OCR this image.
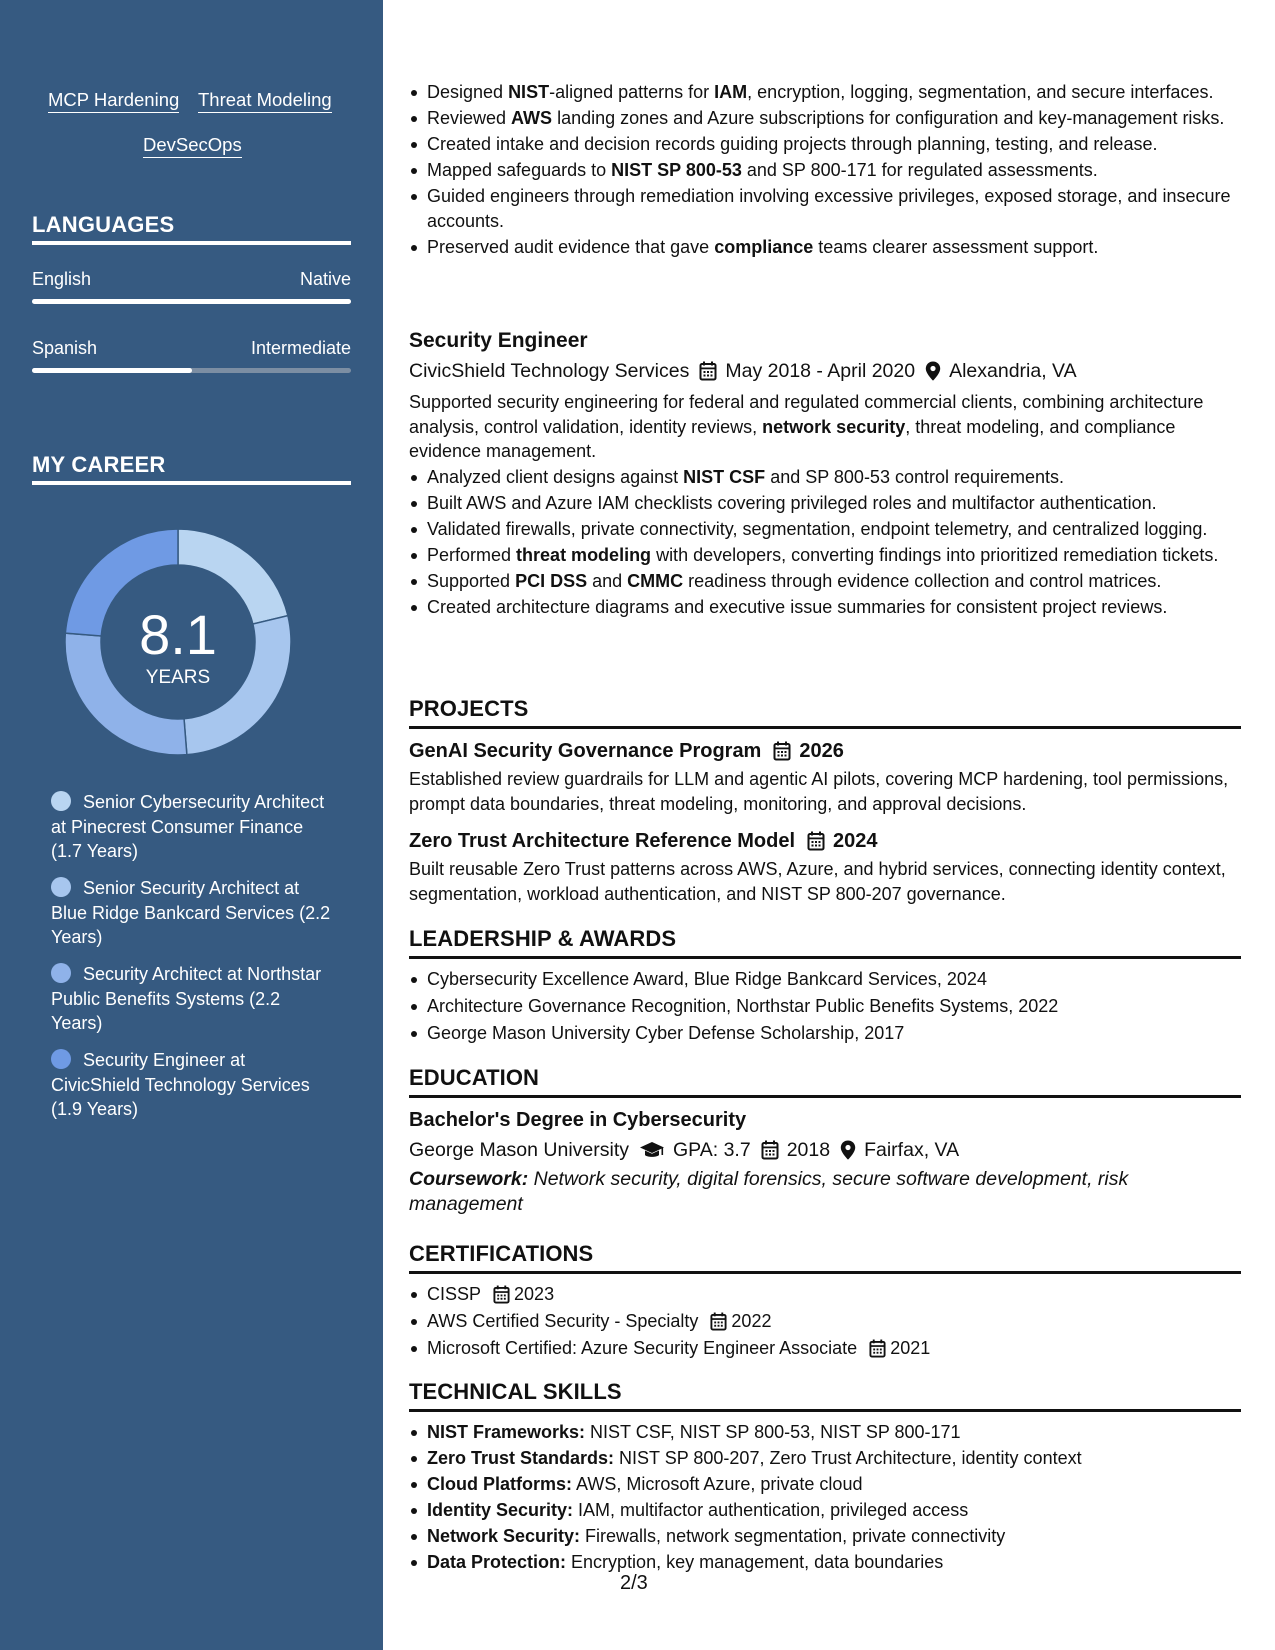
MCP Hardening Threat Modeling
DevSecOps
LANGUAGES
English	Native
Spanish	Intermediate
MY CAREER
8.1
YEARS
Senior Cybersecurity Architect at Pinecrest Consumer Finance (1.7 Years)
Senior Security Architect at Blue Ridge Bankcard Services (2.2 Years)
Security Architect at Northstar Public Benefits Systems (2.2 Years)
Security Engineer at CivicShield Technology Services (1.9 Years)
Designed NIST-aligned patterns for IAM, encryption, logging, segmentation, and secure interfaces.
Reviewed AWS landing zones and Azure subscriptions for configuration and key-management risks.
Created intake and decision records guiding projects through planning, testing, and release.
Mapped safeguards to NIST SP 800-53 and SP 800-171 for regulated assessments.
Guided engineers through remediation involving excessive privileges, exposed storage, and insecure accounts.
Preserved audit evidence that gave compliance teams clearer assessment support.
Security Engineer
CivicShield Technology Services May 2018 - April 2020 Alexandria, VA
Supported security engineering for federal and regulated commercial clients, combining architecture analysis, control validation, identity reviews, network security, threat modeling, and compliance evidence management.
Analyzed client designs against NIST CSF and SP 800-53 control requirements.
Built AWS and Azure IAM checklists covering privileged roles and multifactor authentication.
Validated firewalls, private connectivity, segmentation, endpoint telemetry, and centralized logging.
Performed threat modeling with developers, converting findings into prioritized remediation tickets.
Supported PCI DSS and CMMC readiness through evidence collection and control matrices.
Created architecture diagrams and executive issue summaries for consistent project reviews.
PROJECTS
GenAI Security Governance Program 2026
Established review guardrails for LLM and agentic AI pilots, covering MCP hardening, tool permissions, prompt data boundaries, threat modeling, monitoring, and approval decisions.
Zero Trust Architecture Reference Model 2024
Built reusable Zero Trust patterns across AWS, Azure, and hybrid services, connecting identity context, segmentation, workload authentication, and NIST SP 800-207 governance.
LEADERSHIP & AWARDS
Cybersecurity Excellence Award, Blue Ridge Bankcard Services, 2024
Architecture Governance Recognition, Northstar Public Benefits Systems, 2022
George Mason University Cyber Defense Scholarship, 2017
EDUCATION
Bachelor's Degree in Cybersecurity
George Mason University GPA: 3.7 2018 Fairfax, VA
Coursework: Network security, digital forensics, secure software development, risk management
CERTIFICATIONS
CISSP 2023
AWS Certified Security - Specialty 2022
Microsoft Certified: Azure Security Engineer Associate 2021
TECHNICAL SKILLS
NIST Frameworks: NIST CSF, NIST SP 800-53, NIST SP 800-171
Zero Trust Standards: NIST SP 800-207, Zero Trust Architecture, identity context
Cloud Platforms: AWS, Microsoft Azure, private cloud
Identity Security: IAM, multifactor authentication, privileged access
Network Security: Firewalls, network segmentation, private connectivity
Data Protection: Encryption, key management, data boundaries
2/3
